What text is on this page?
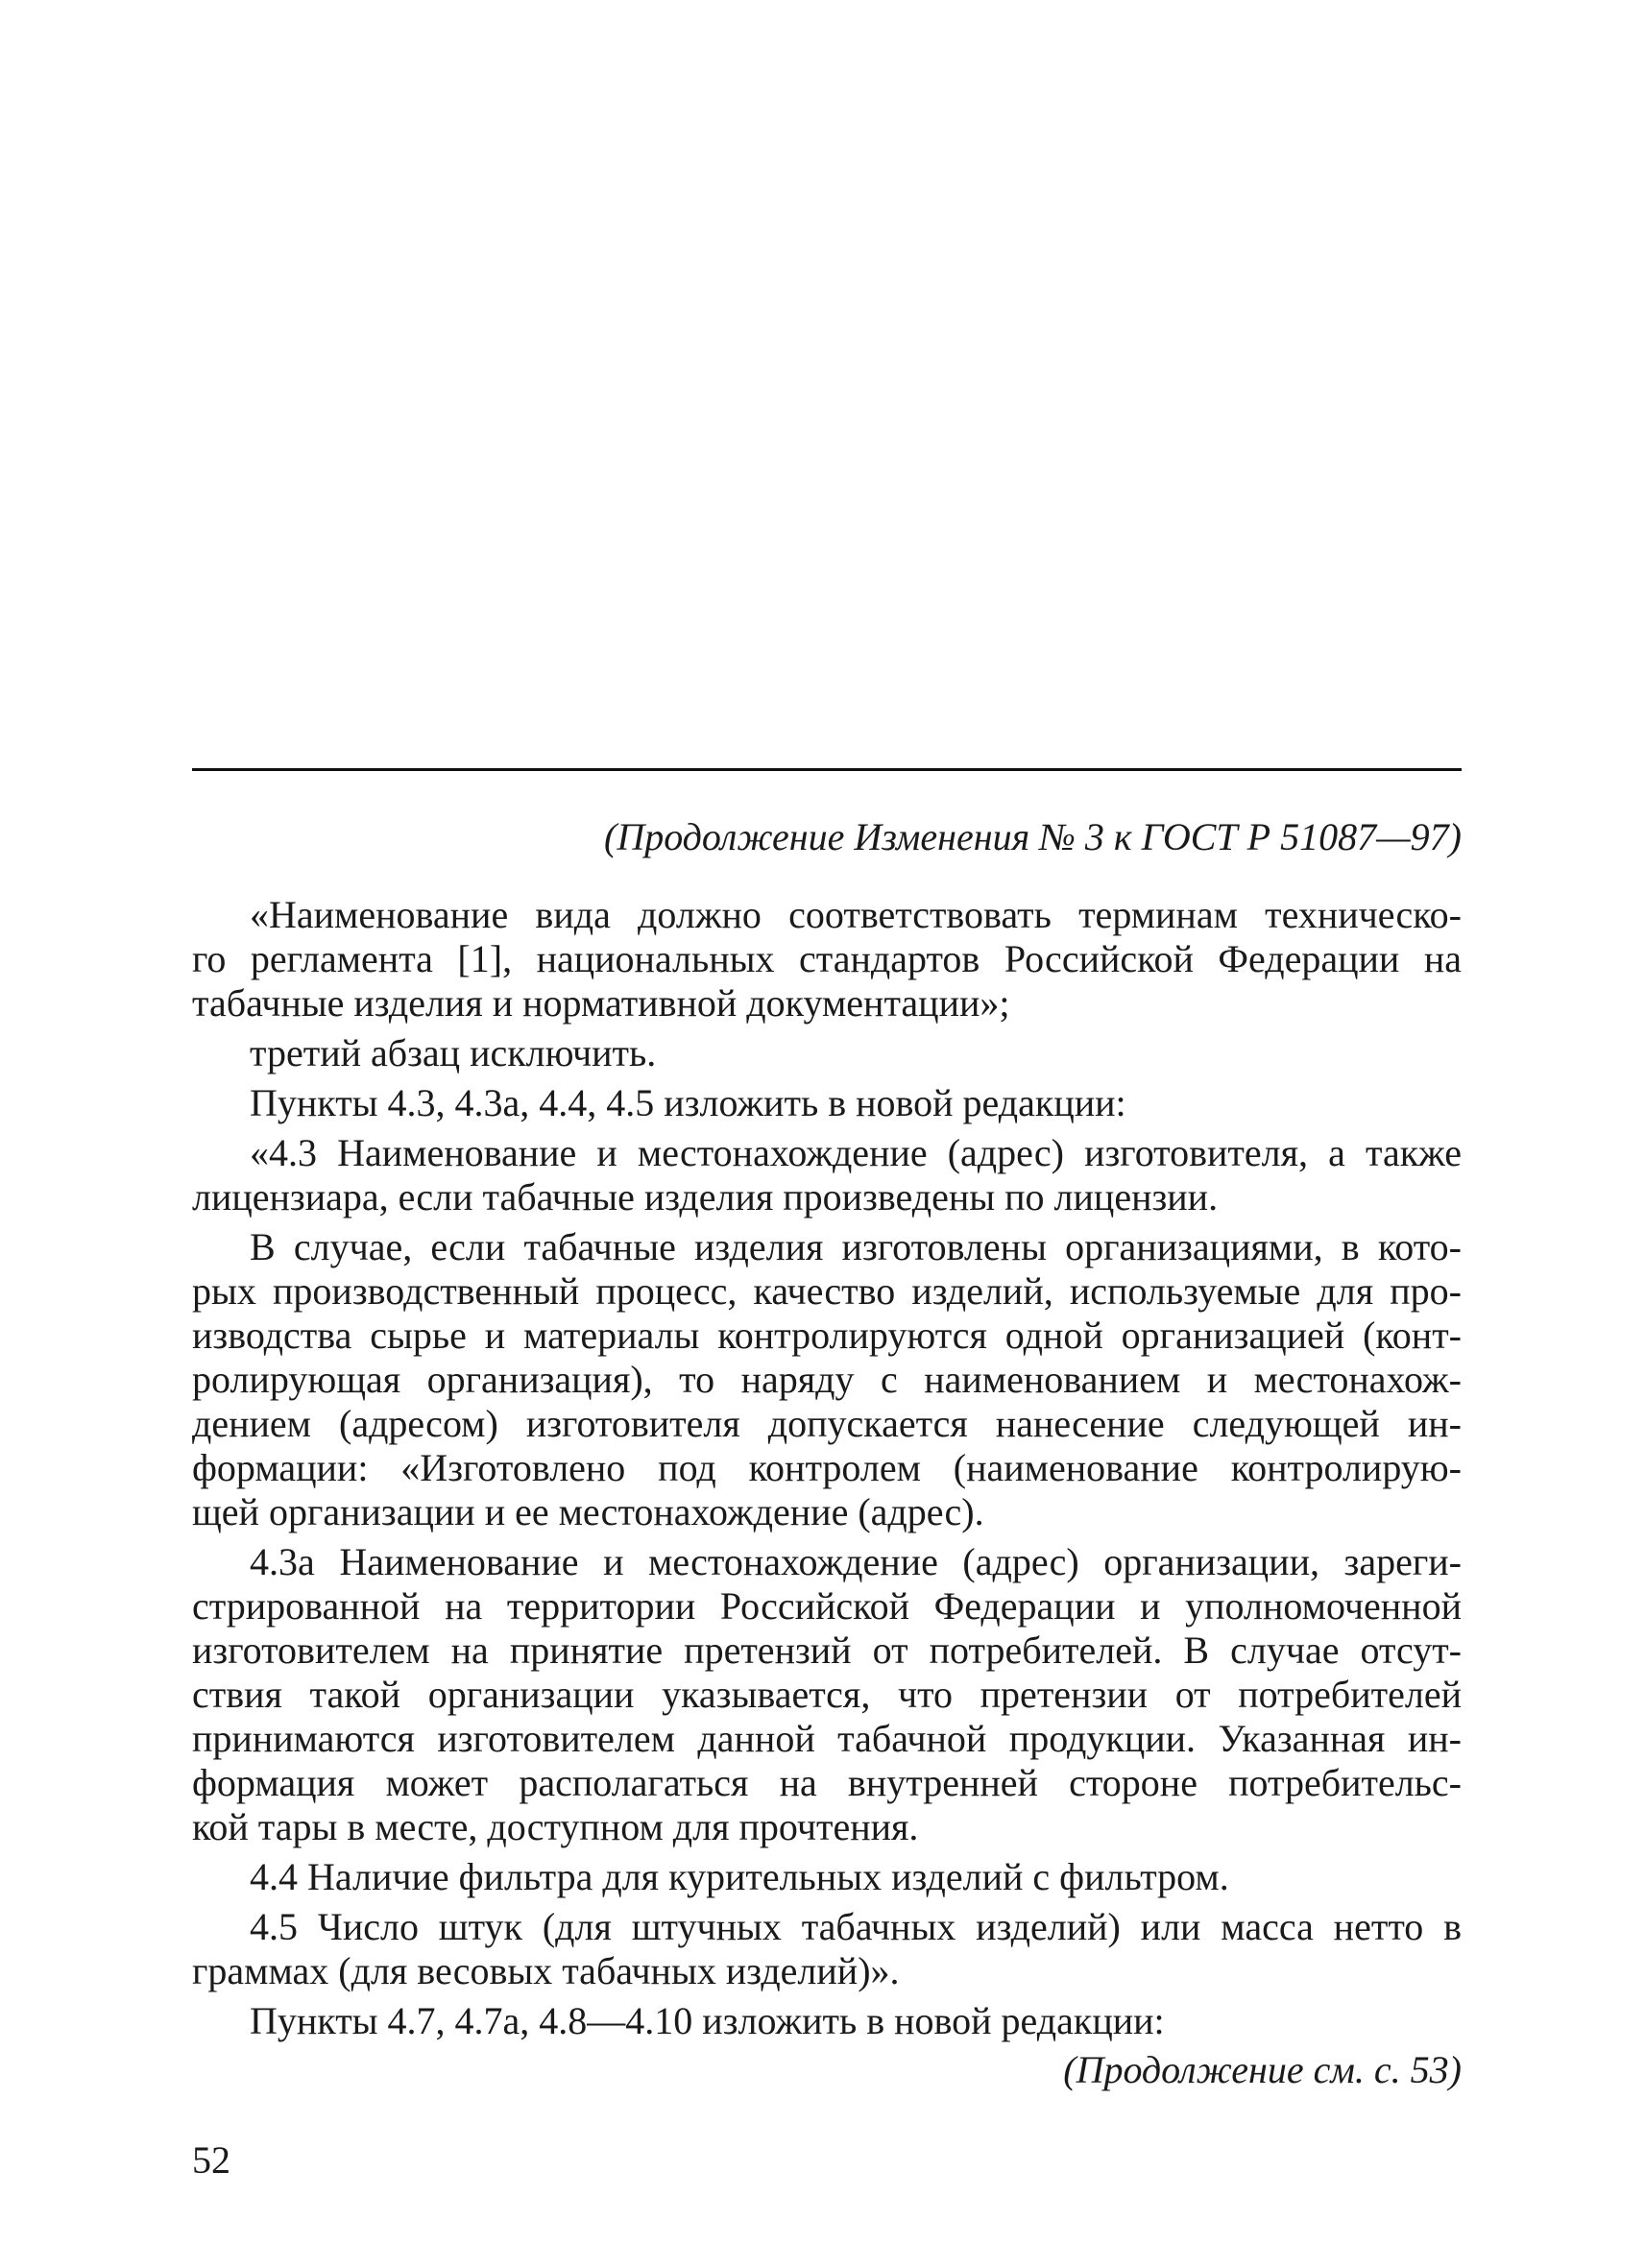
(Продолжение Изменения № 3 к ГОСТ Р 51087—97)
«Наименование вида должно соответствовать терминам техническо-
го регламента [1], национальных стандартов Российской Федерации на
табачные изделия и нормативной документации»;
третий абзац исключить.
Пункты 4.3, 4.3а, 4.4, 4.5 изложить в новой редакции:
«4.3 Наименование и местонахождение (адрес) изготовителя, а также
лицензиара, если табачные изделия произведены по лицензии.
В случае, если табачные изделия изготовлены организациями, в кото-
рых производственный процесс, качество изделий, используемые для про-
изводства сырье и материалы контролируются одной организацией (конт-
ролирующая организация), то наряду с наименованием и местонахож-
дением (адресом) изготовителя допускается нанесение следующей ин-
формации: «Изготовлено под контролем (наименование контролирую-
щей организации и ее местонахождение (адрес).
4.3а Наименование и местонахождение (адрес) организации, зареги-
стрированной на территории Российской Федерации и уполномоченной
изготовителем на принятие претензий от потребителей. В случае отсут-
ствия такой организации указывается, что претензии от потребителей
принимаются изготовителем данной табачной продукции. Указанная ин-
формация может располагаться на внутренней стороне потребительс-
кой тары в месте, доступном для прочтения.
4.4 Наличие фильтра для курительных изделий с фильтром.
4.5 Число штук (для штучных табачных изделий) или масса нетто в
граммах (для весовых табачных изделий)».
Пункты 4.7, 4.7а, 4.8—4.10 изложить в новой редакции:
(Продолжение см. с. 53)
52
